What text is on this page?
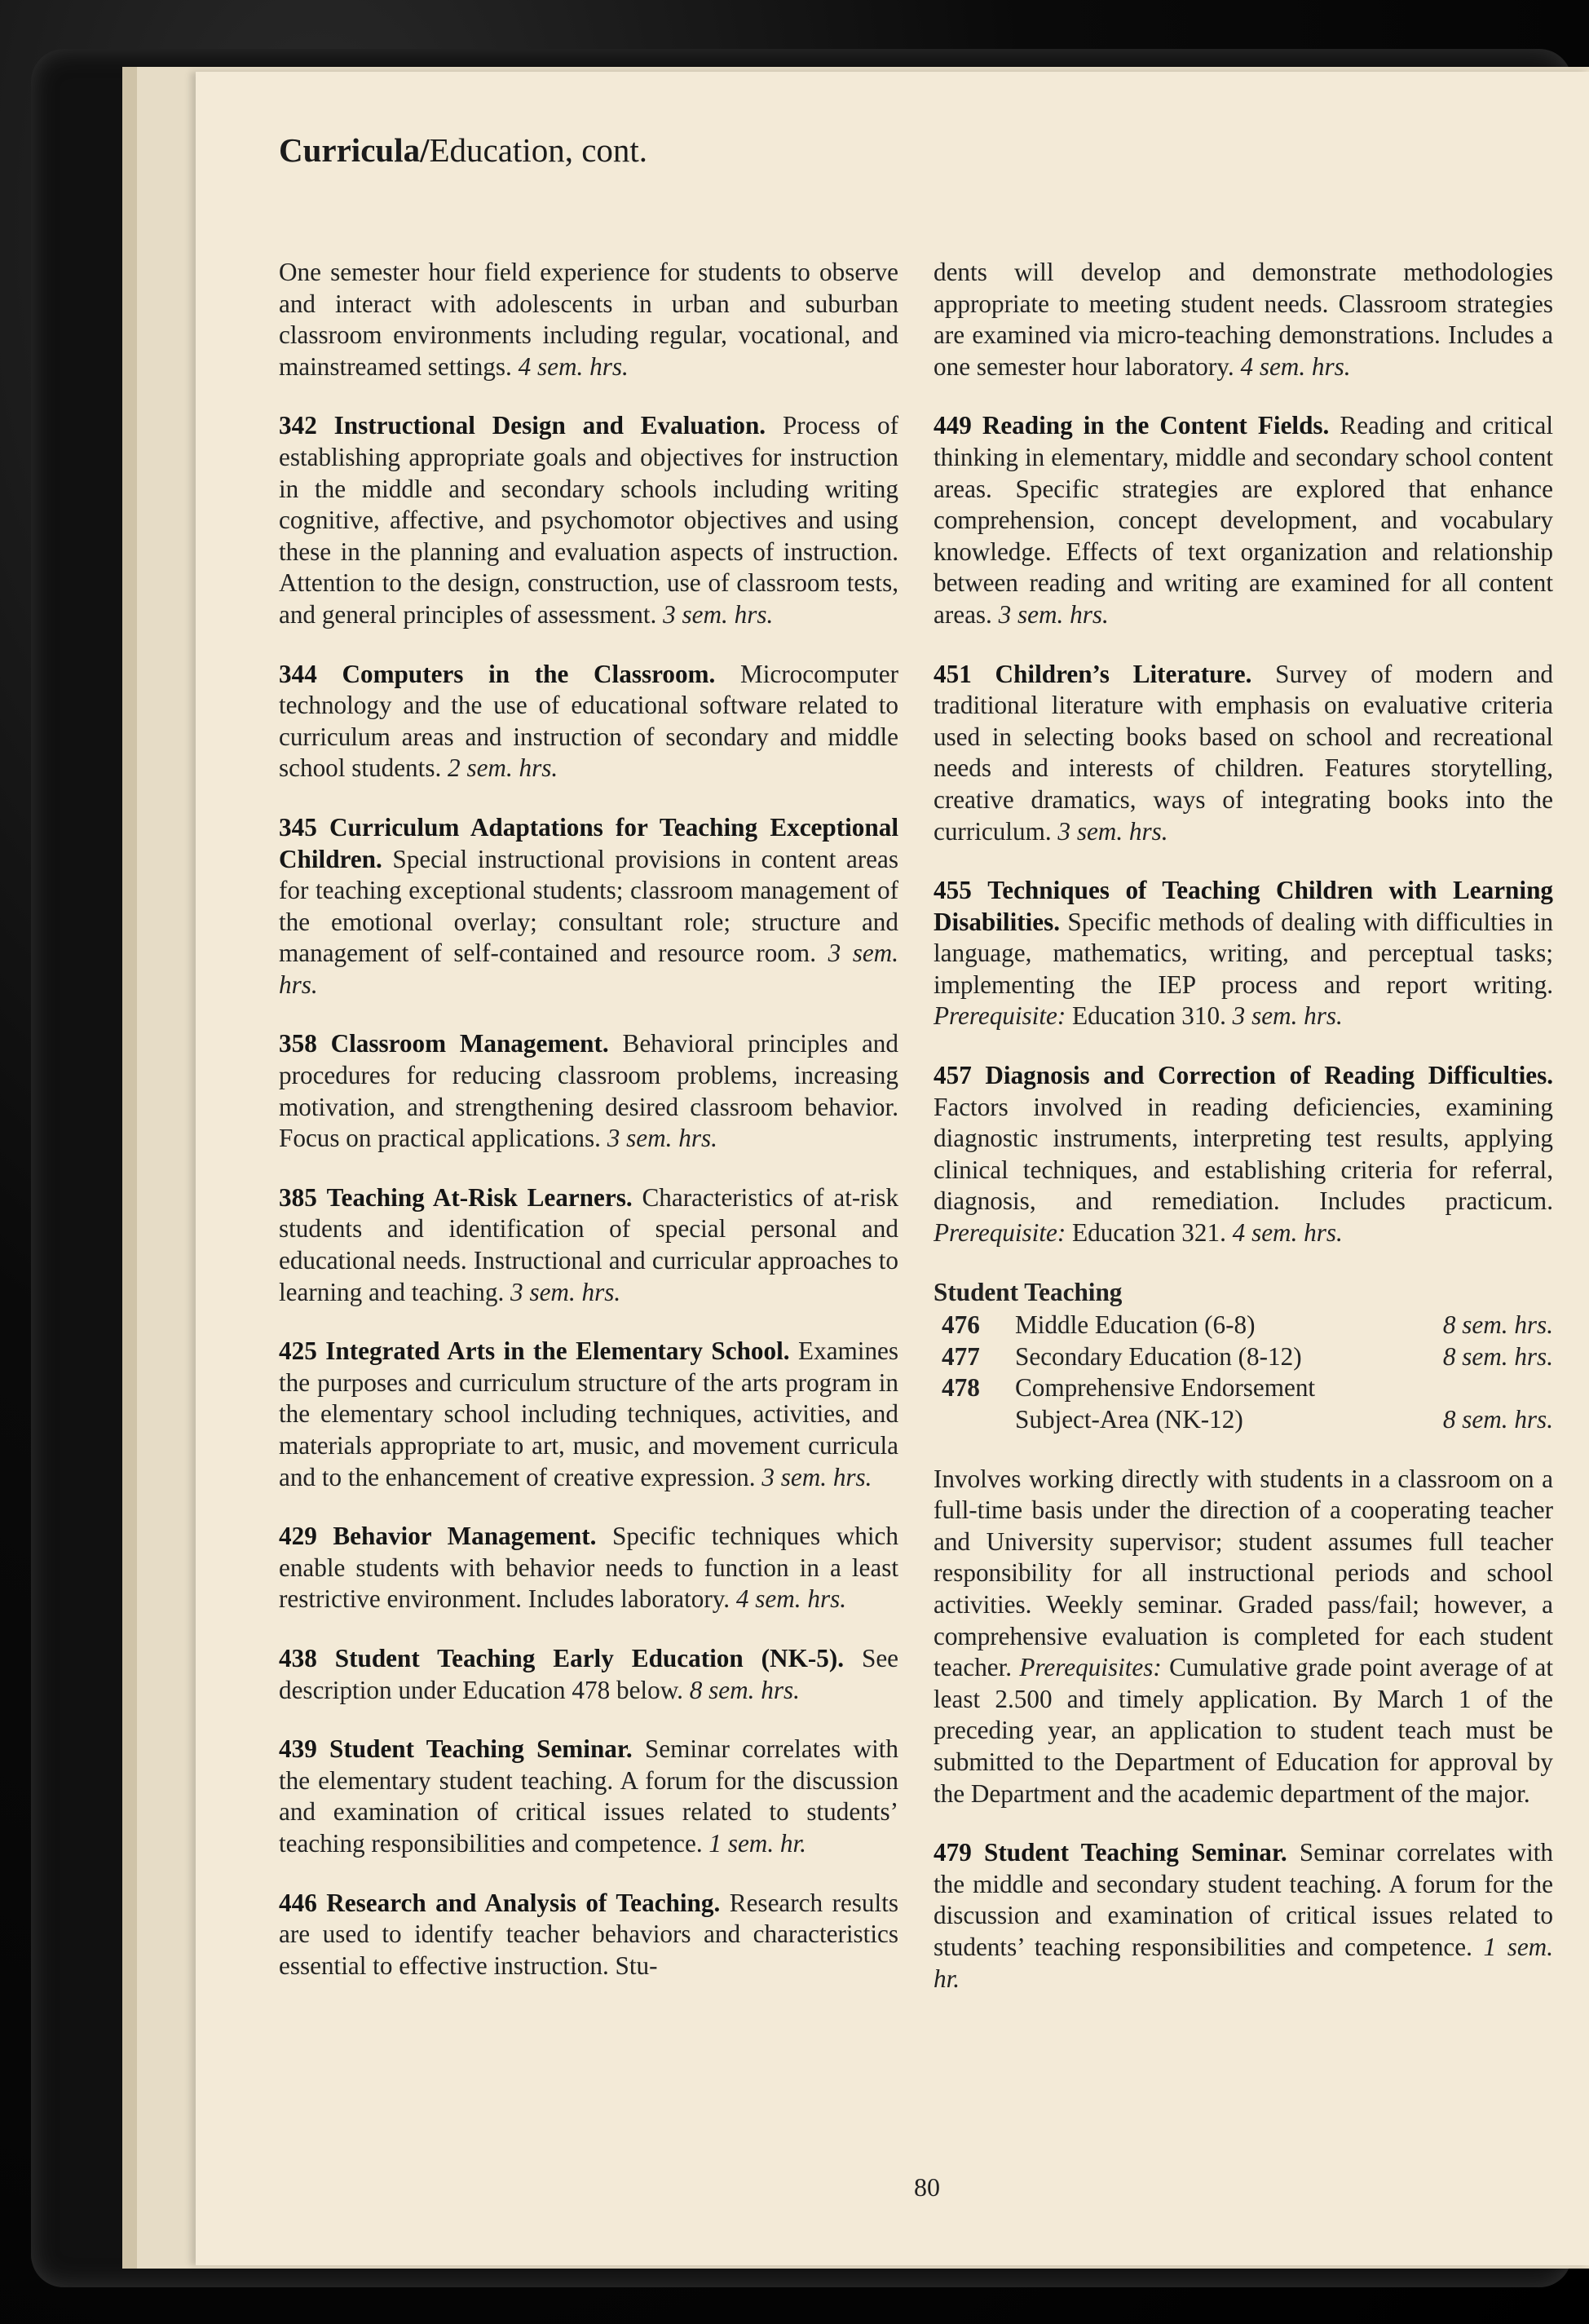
Curricula/Education, cont.

One semester hour field experience for students to observe and interact with adolescents in urban and suburban classroom environments including regular, vocational, and mainstreamed settings. 4 sem. hrs.

342 Instructional Design and Evaluation. Process of establishing appropriate goals and objectives for instruction in the middle and secondary schools including writing cognitive, affective, and psychomotor objectives and using these in the planning and evaluation aspects of instruction. Attention to the design, construction, use of classroom tests, and general principles of assessment. 3 sem. hrs.

344 Computers in the Classroom. Microcomputer technology and the use of educational software related to curriculum areas and instruction of secondary and middle school students. 2 sem. hrs.

345 Curriculum Adaptations for Teaching Exceptional Children. Special instructional provisions in content areas for teaching exceptional students; classroom management of the emotional overlay; consultant role; structure and management of self-contained and resource room. 3 sem. hrs.

358 Classroom Management. Behavioral principles and procedures for reducing classroom problems, increasing motivation, and strengthening desired classroom behavior. Focus on practical applications. 3 sem. hrs.

385 Teaching At-Risk Learners. Characteristics of at-risk students and identification of special personal and educational needs. Instructional and curricular approaches to learning and teaching. 3 sem. hrs.

425 Integrated Arts in the Elementary School. Examines the purposes and curriculum structure of the arts program in the elementary school including techniques, activities, and materials appropriate to art, music, and movement curricula and to the enhancement of creative expression. 3 sem. hrs.

429 Behavior Management. Specific techniques which enable students with behavior needs to function in a least restrictive environment. Includes laboratory. 4 sem. hrs.

438 Student Teaching Early Education (NK-5). See description under Education 478 below. 8 sem. hrs.

439 Student Teaching Seminar. Seminar correlates with the elementary student teaching. A forum for the discussion and examination of critical issues related to students’ teaching responsibilities and competence. 1 sem. hr.

446 Research and Analysis of Teaching. Research results are used to identify teacher behaviors and characteristics essential to effective instruction. Stu-

dents will develop and demonstrate methodologies appropriate to meeting student needs. Classroom strategies are examined via micro-teaching demonstrations. Includes a one semester hour laboratory. 4 sem. hrs.

449 Reading in the Content Fields. Reading and critical thinking in elementary, middle and secondary school content areas. Specific strategies are explored that enhance comprehension, concept development, and vocabulary knowledge. Effects of text organization and relationship between reading and writing are examined for all content areas. 3 sem. hrs.

451 Children’s Literature. Survey of modern and traditional literature with emphasis on evaluative criteria used in selecting books based on school and recreational needs and interests of children. Features storytelling, creative dramatics, ways of integrating books into the curriculum. 3 sem. hrs.

455 Techniques of Teaching Children with Learning Disabilities. Specific methods of dealing with difficulties in language, mathematics, writing, and perceptual tasks; implementing the IEP process and report writing. Prerequisite: Education 310. 3 sem. hrs.

457 Diagnosis and Correction of Reading Difficulties. Factors involved in reading deficiencies, examining diagnostic instruments, interpreting test results, applying clinical techniques, and establishing criteria for referral, diagnosis, and remediation. Includes practicum. Prerequisite: Education 321. 4 sem. hrs.

Student Teaching
476	Middle Education (6-8)	8 sem. hrs.
477	Secondary Education (8-12)	8 sem. hrs.
478	Comprehensive Endorsement	
	Subject-Area (NK-12)	8 sem. hrs.

Involves working directly with students in a classroom on a full-time basis under the direction of a cooperating teacher and University supervisor; student assumes full teacher responsibility for all instructional periods and school activities. Weekly seminar. Graded pass/fail; however, a comprehensive evaluation is completed for each student teacher. Prerequisites: Cumulative grade point average of at least 2.500 and timely application. By March 1 of the preceding year, an application to student teach must be submitted to the Department of Education for approval by the Department and the academic department of the major.

479 Student Teaching Seminar. Seminar correlates with the middle and secondary student teaching. A forum for the discussion and examination of critical issues related to students’ teaching responsibilities and competence. 1 sem. hr.

80
